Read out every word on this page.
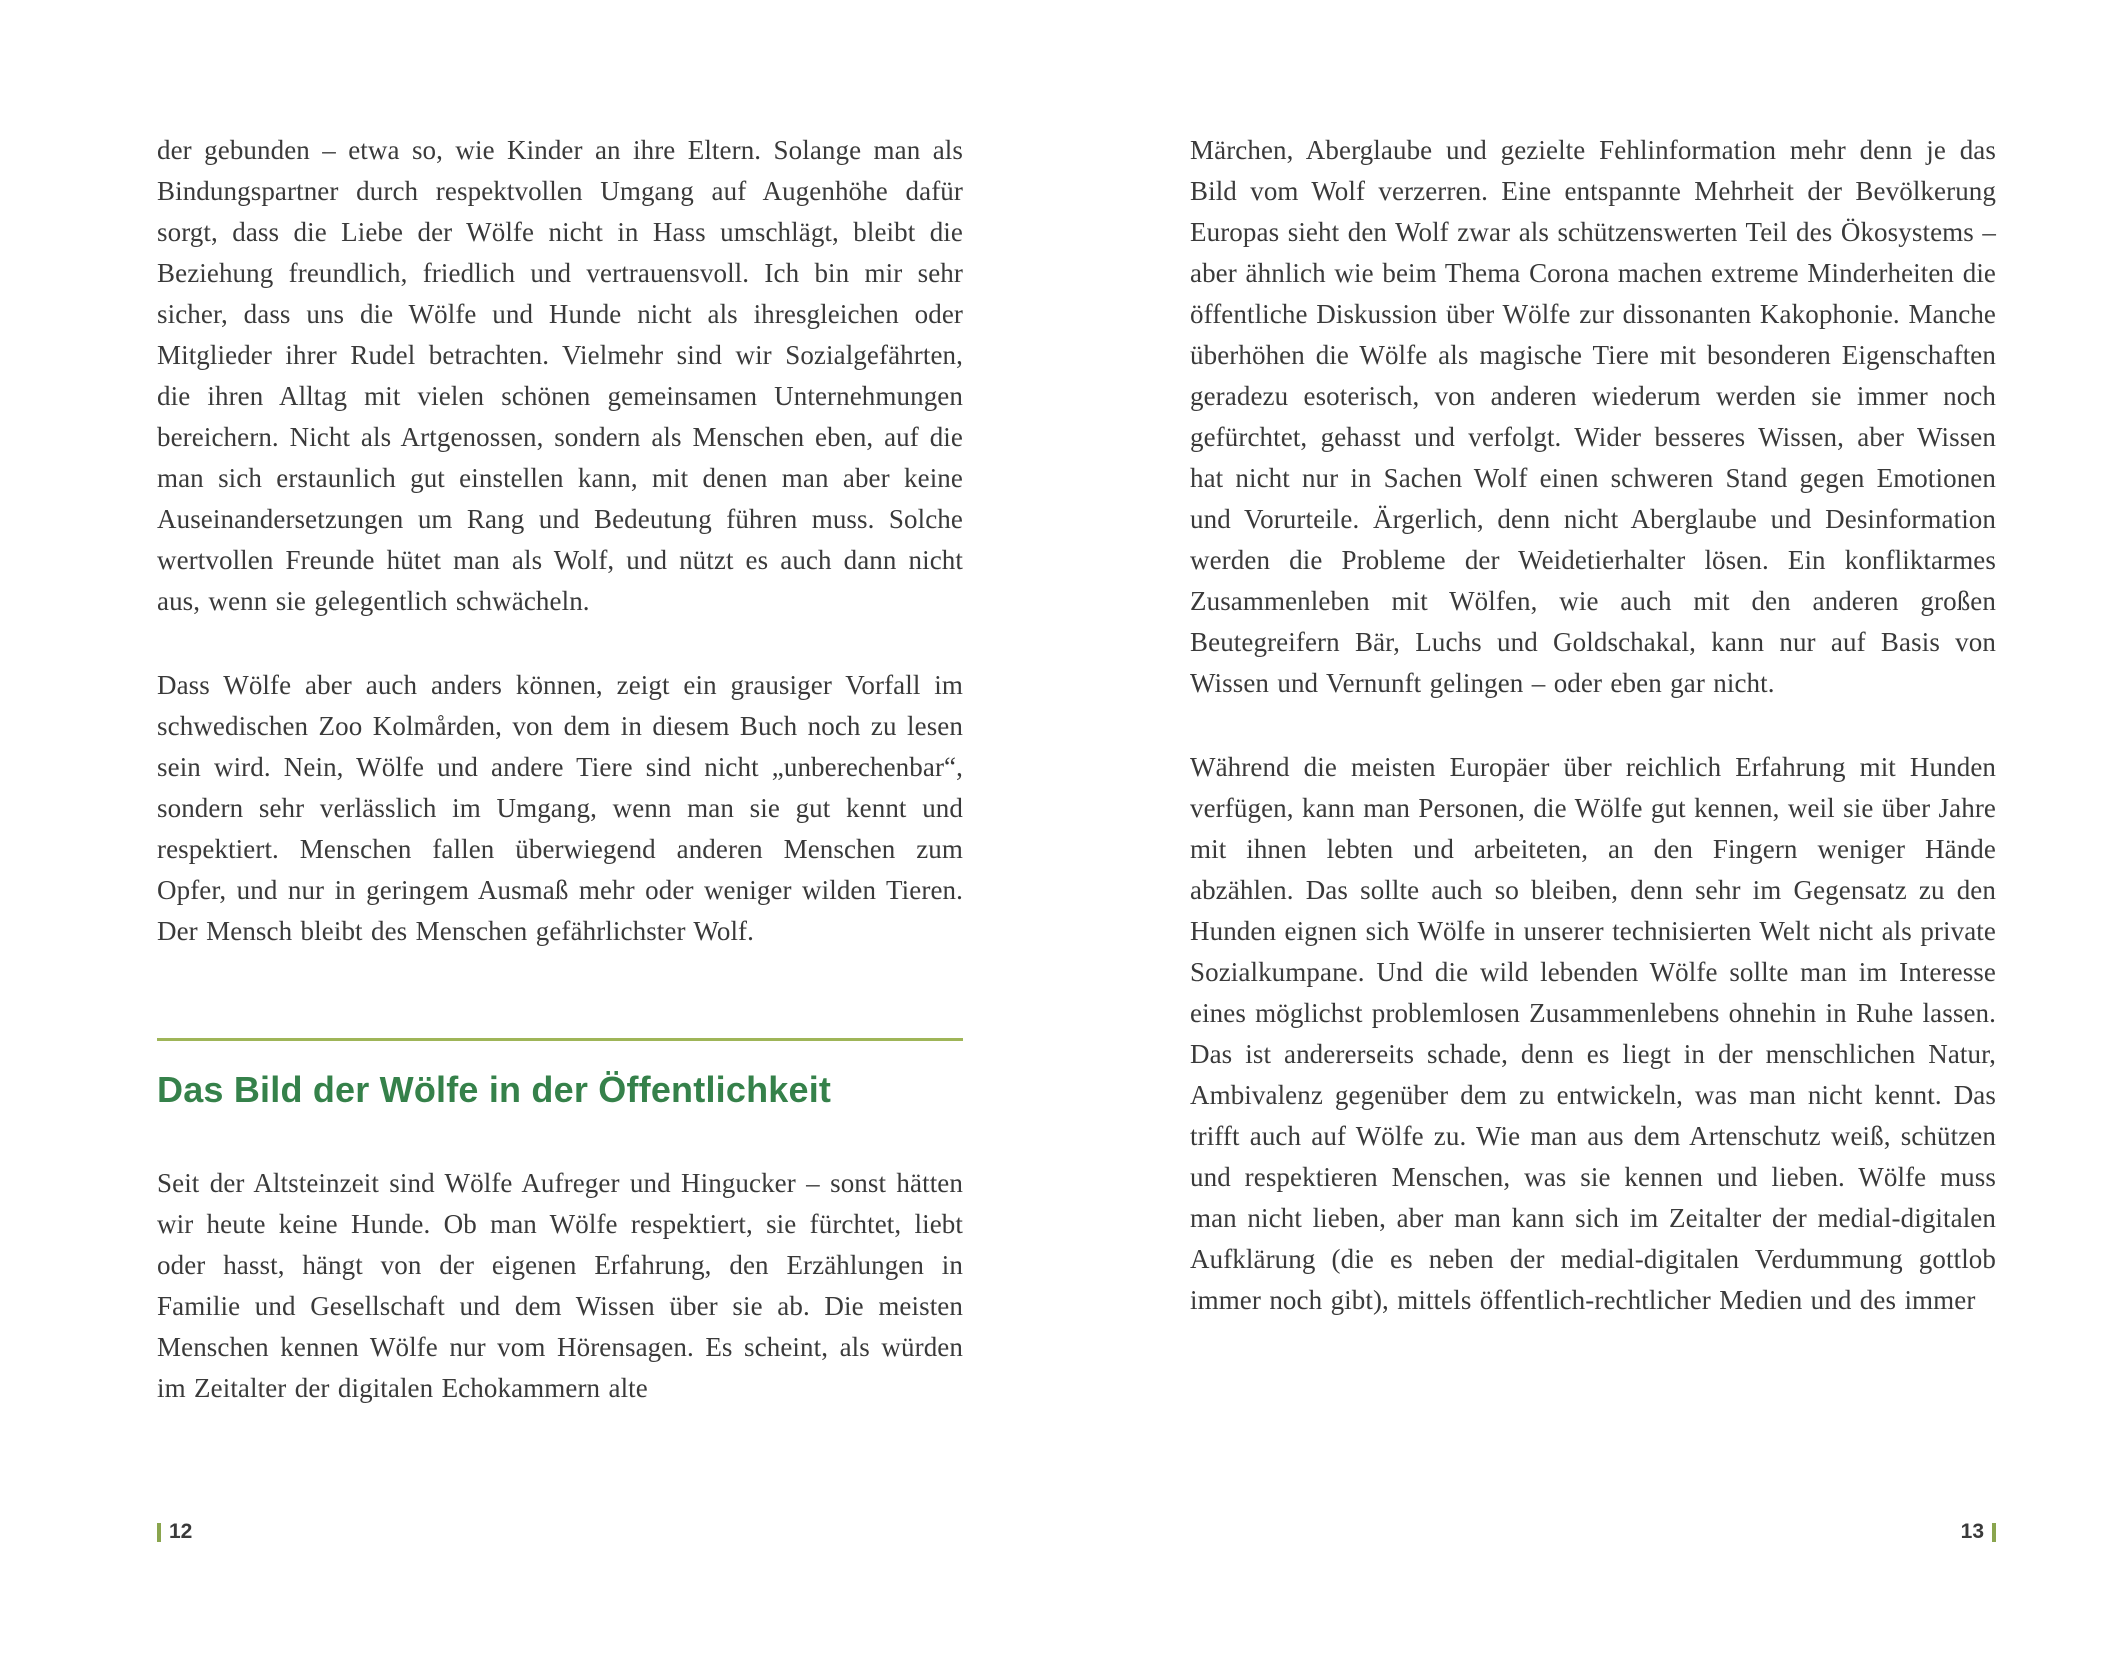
der gebunden – etwa so, wie Kinder an ihre Eltern. Solange man als Bindungspartner durch respektvollen Umgang auf Augenhöhe dafür sorgt, dass die Liebe der Wölfe nicht in Hass umschlägt, bleibt die Beziehung freundlich, friedlich und vertrauensvoll. Ich bin mir sehr sicher, dass uns die Wölfe und Hunde nicht als ihresgleichen oder Mitglieder ihrer Rudel betrachten. Vielmehr sind wir Sozialgefährten, die ihren Alltag mit vielen schönen gemeinsamen Unternehmungen bereichern. Nicht als Artgenossen, sondern als Menschen eben, auf die man sich erstaunlich gut einstellen kann, mit denen man aber keine Auseinandersetzungen um Rang und Bedeutung führen muss. Solche wertvollen Freunde hütet man als Wolf, und nützt es auch dann nicht aus, wenn sie gelegentlich schwächeln.

Dass Wölfe aber auch anders können, zeigt ein grausiger Vorfall im schwedischen Zoo Kolmården, von dem in diesem Buch noch zu lesen sein wird. Nein, Wölfe und andere Tiere sind nicht „unberechenbar“, sondern sehr verlässlich im Umgang, wenn man sie gut kennt und respektiert. Menschen fallen überwiegend anderen Menschen zum Opfer, und nur in geringem Ausmaß mehr oder weniger wilden Tieren. Der Mensch bleibt des Menschen gefährlichster Wolf.

Das Bild der Wölfe in der Öffentlichkeit

Seit der Altsteinzeit sind Wölfe Aufreger und Hingucker – sonst hätten wir heute keine Hunde. Ob man Wölfe respektiert, sie fürchtet, liebt oder hasst, hängt von der eigenen Erfahrung, den Erzählungen in Familie und Gesellschaft und dem Wissen über sie ab. Die meisten Menschen kennen Wölfe nur vom Hörensagen. Es scheint, als würden im Zeitalter der digitalen Echokammern alte

Märchen, Aberglaube und gezielte Fehlinformation mehr denn je das Bild vom Wolf verzerren. Eine entspannte Mehrheit der Bevölkerung Europas sieht den Wolf zwar als schützenswerten Teil des Ökosystems – aber ähnlich wie beim Thema Corona machen extreme Minderheiten die öffentliche Diskussion über Wölfe zur dissonanten Kakophonie. Manche überhöhen die Wölfe als magische Tiere mit besonderen Eigenschaften geradezu esoterisch, von anderen wiederum werden sie immer noch gefürchtet, gehasst und verfolgt. Wider besseres Wissen, aber Wissen hat nicht nur in Sachen Wolf einen schweren Stand gegen Emotionen und Vorurteile. Ärgerlich, denn nicht Aberglaube und Desinformation werden die Probleme der Weidetierhalter lösen. Ein konfliktarmes Zusammenleben mit Wölfen, wie auch mit den anderen großen Beutegreifern Bär, Luchs und Goldschakal, kann nur auf Basis von Wissen und Vernunft gelingen – oder eben gar nicht.

Während die meisten Europäer über reichlich Erfahrung mit Hunden verfügen, kann man Personen, die Wölfe gut kennen, weil sie über Jahre mit ihnen lebten und arbeiteten, an den Fingern weniger Hände abzählen. Das sollte auch so bleiben, denn sehr im Gegensatz zu den Hunden eignen sich Wölfe in unserer technisierten Welt nicht als private Sozialkumpane. Und die wild lebenden Wölfe sollte man im Interesse eines möglichst problemlosen Zusammenlebens ohnehin in Ruhe lassen. Das ist andererseits schade, denn es liegt in der menschlichen Natur, Ambivalenz gegenüber dem zu entwickeln, was man nicht kennt. Das trifft auch auf Wölfe zu. Wie man aus dem Artenschutz weiß, schützen und respektieren Menschen, was sie kennen und lieben. Wölfe muss man nicht lieben, aber man kann sich im Zeitalter der medial-digitalen Aufklärung (die es neben der medial-digitalen Verdummung gottlob immer noch gibt), mittels öffentlich-rechtlicher Medien und des immer

12	13
